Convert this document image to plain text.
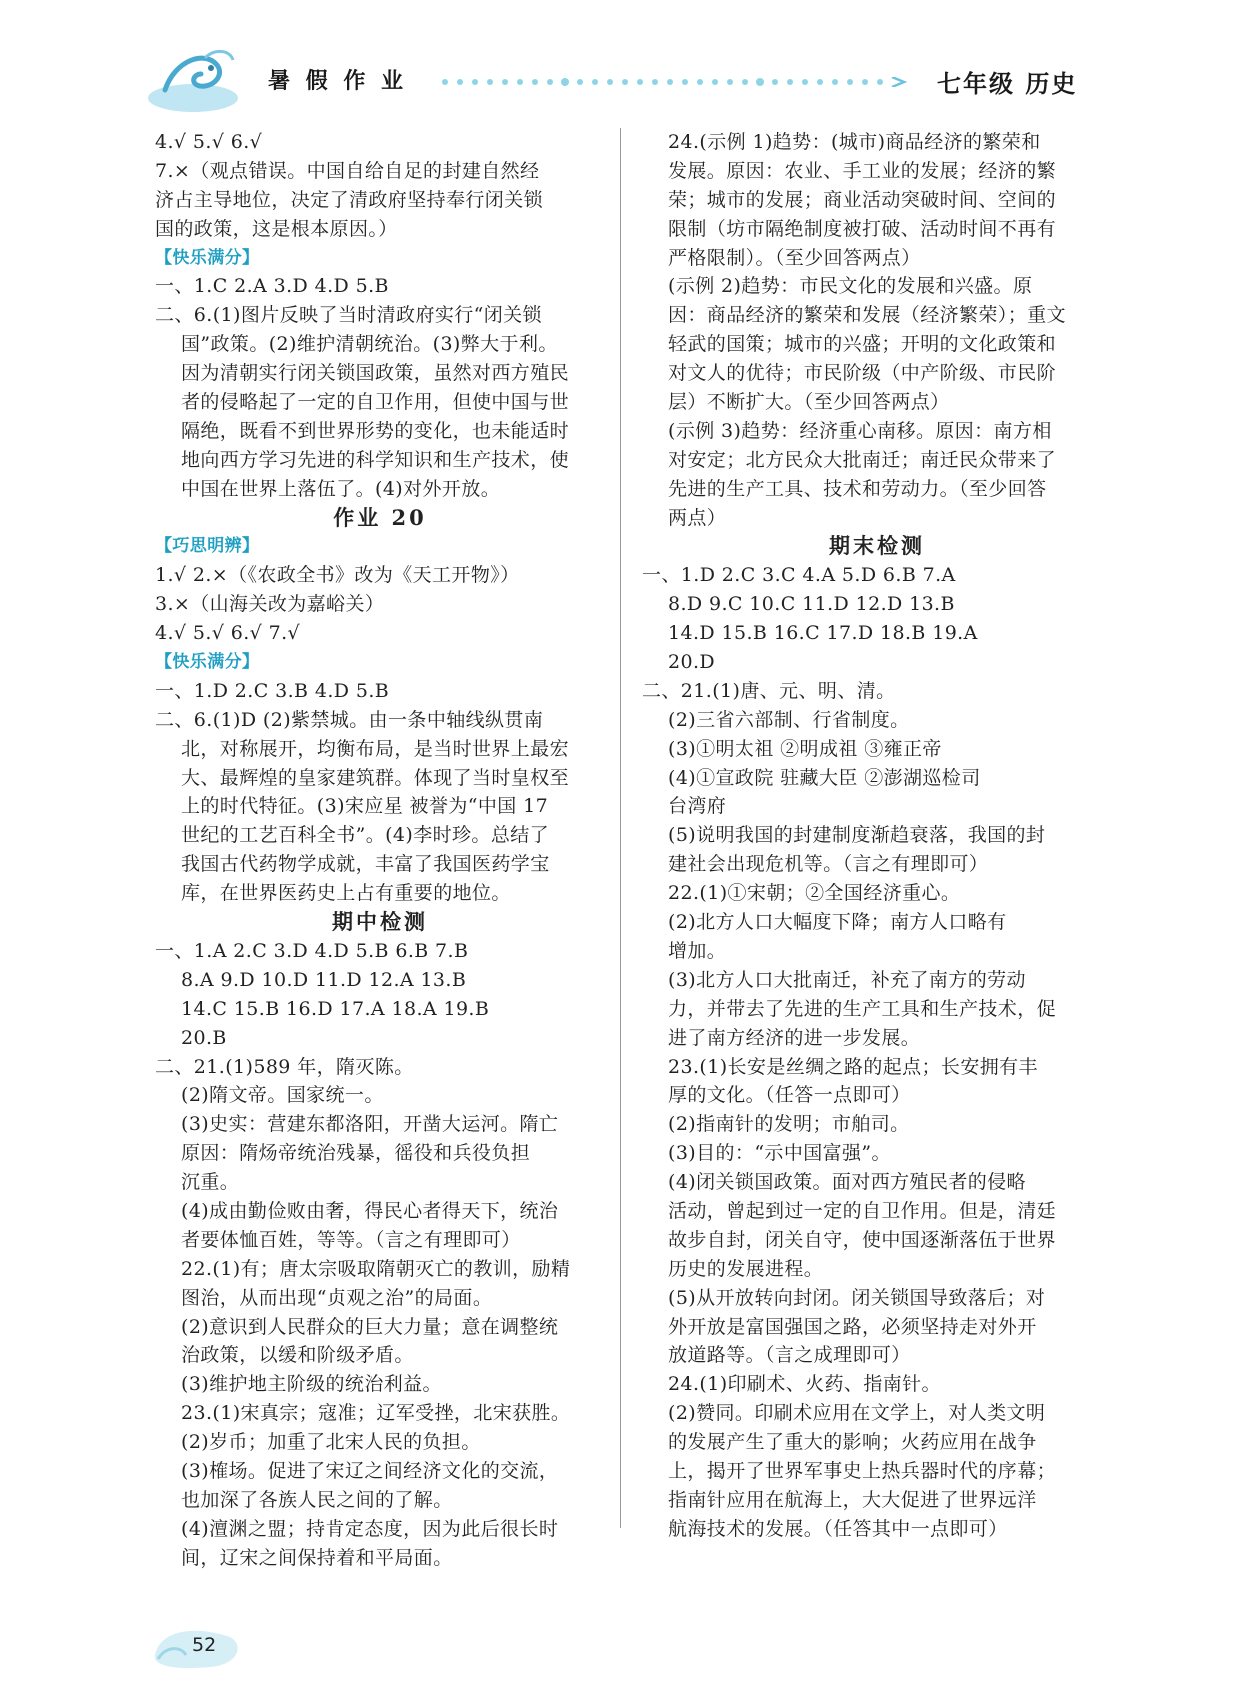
暑 假 作 业	七年级 历史
4.√ 5.√ 6.√
7.×（观点错误。中国自给自足的封建自然经
济占主导地位，决定了清政府坚持奉行闭关锁
国的政策，这是根本原因。）
【快乐满分】
一、1.C 2.A 3.D 4.D 5.B
二、6.(1)图片反映了当时清政府实行“闭关锁
国”政策。(2)维护清朝统治。(3)弊大于利。
因为清朝实行闭关锁国政策，虽然对西方殖民
者的侵略起了一定的自卫作用，但使中国与世
隔绝，既看不到世界形势的变化，也未能适时
地向西方学习先进的科学知识和生产技术，使
中国在世界上落伍了。(4)对外开放。
作业 20
【巧思明辨】
1.√ 2.×（《农政全书》改为《天工开物》）
3.×（山海关改为嘉峪关）
4.√ 5.√ 6.√ 7.√
【快乐满分】
一、1.D 2.C 3.B 4.D 5.B
二、6.(1)D (2)紫禁城。由一条中轴线纵贯南
北，对称展开，均衡布局，是当时世界上最宏
大、最辉煌的皇家建筑群。体现了当时皇权至
上的时代特征。(3)宋应星 被誉为“中国 17
世纪的工艺百科全书”。(4)李时珍。总结了
我国古代药物学成就，丰富了我国医药学宝
库，在世界医药史上占有重要的地位。
期中检测
一、1.A 2.C 3.D 4.D 5.B 6.B 7.B
8.A 9.D 10.D 11.D 12.A 13.B
14.C 15.B 16.D 17.A 18.A 19.B
20.B
二、21.(1)589 年，隋灭陈。
(2)隋文帝。国家统一。
(3)史实：营建东都洛阳，开凿大运河。隋亡
原因：隋炀帝统治残暴，徭役和兵役负担
沉重。
(4)成由勤俭败由奢，得民心者得天下，统治
者要体恤百姓，等等。（言之有理即可）
22.(1)有；唐太宗吸取隋朝灭亡的教训，励精
图治，从而出现“贞观之治”的局面。
(2)意识到人民群众的巨大力量；意在调整统
治政策，以缓和阶级矛盾。
(3)维护地主阶级的统治利益。
23.(1)宋真宗；寇准；辽军受挫，北宋获胜。
(2)岁币；加重了北宋人民的负担。
(3)榷场。促进了宋辽之间经济文化的交流，
也加深了各族人民之间的了解。
(4)澶渊之盟；持肯定态度，因为此后很长时
间，辽宋之间保持着和平局面。
24.(示例 1)趋势：(城市)商品经济的繁荣和
发展。原因：农业、手工业的发展；经济的繁
荣；城市的发展；商业活动突破时间、空间的
限制（坊市隔绝制度被打破、活动时间不再有
严格限制）。（至少回答两点）
(示例 2)趋势：市民文化的发展和兴盛。原
因：商品经济的繁荣和发展（经济繁荣）；重文
轻武的国策；城市的兴盛；开明的文化政策和
对文人的优待；市民阶级（中产阶级、市民阶
层）不断扩大。（至少回答两点）
(示例 3)趋势：经济重心南移。原因：南方相
对安定；北方民众大批南迁；南迁民众带来了
先进的生产工具、技术和劳动力。（至少回答
两点）
期末检测
一、1.D 2.C 3.C 4.A 5.D 6.B 7.A
8.D 9.C 10.C 11.D 12.D 13.B
14.D 15.B 16.C 17.D 18.B 19.A
20.D
二、21.(1)唐、元、明、清。
(2)三省六部制、行省制度。
(3)①明太祖 ②明成祖 ③雍正帝
(4)①宣政院 驻藏大臣 ②澎湖巡检司
台湾府
(5)说明我国的封建制度渐趋衰落，我国的封
建社会出现危机等。（言之有理即可）
22.(1)①宋朝；②全国经济重心。
(2)北方人口大幅度下降；南方人口略有
增加。
(3)北方人口大批南迁，补充了南方的劳动
力，并带去了先进的生产工具和生产技术，促
进了南方经济的进一步发展。
23.(1)长安是丝绸之路的起点；长安拥有丰
厚的文化。（任答一点即可）
(2)指南针的发明；市舶司。
(3)目的：“示中国富强”。
(4)闭关锁国政策。面对西方殖民者的侵略
活动，曾起到过一定的自卫作用。但是，清廷
故步自封，闭关自守，使中国逐渐落伍于世界
历史的发展进程。
(5)从开放转向封闭。闭关锁国导致落后；对
外开放是富国强国之路，必须坚持走对外开
放道路等。（言之成理即可）
24.(1)印刷术、火药、指南针。
(2)赞同。印刷术应用在文学上，对人类文明
的发展产生了重大的影响；火药应用在战争
上，揭开了世界军事史上热兵器时代的序幕；
指南针应用在航海上，大大促进了世界远洋
航海技术的发展。（任答其中一点即可）
52
